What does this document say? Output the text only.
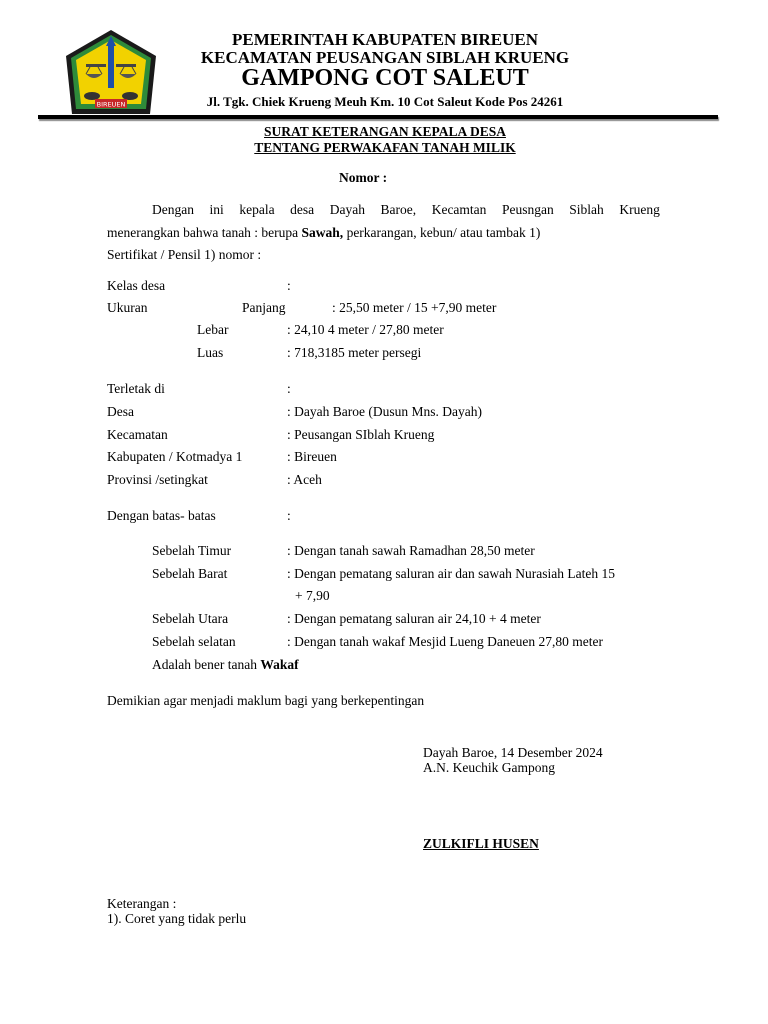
BIREUEN
PEMERINTAH KABUPATEN BIREUEN
KECAMATAN PEUSANGAN SIBLAH KRUENG
GAMPONG COT SALEUT
Jl. Tgk. Chiek Krueng Meuh Km. 10 Cot Saleut Kode Pos 24261
SURAT KETERANGAN KEPALA DESA
TENTANG PERWAKAFAN TANAH MILIK
Nomor :
Dengan ini kepala desa Dayah Baroe, Kecamtan Peusngan Siblah Krueng
menerangkan bahwa tanah : berupa Sawah, perkarangan, kebun/ atau tambak 1)
Sertifikat / Pensil 1) nomor :
Kelas desa	:
Ukuran	Panjang	: 25,50 meter / 15 +7,90 meter
Lebar	: 24,10 4 meter / 27,80 meter
Luas	: 718,3185 meter persegi
Terletak di	:
Desa	: Dayah Baroe (Dusun Mns. Dayah)
Kecamatan	: Peusangan SIblah Krueng
Kabupaten / Kotmadya 1	: Bireuen
Provinsi /setingkat	: Aceh
Dengan batas- batas	:
Sebelah Timur	: Dengan tanah sawah Ramadhan 28,50 meter
Sebelah Barat	: Dengan pematang saluran air dan sawah Nurasiah Lateh 15
+ 7,90
Sebelah Utara	: Dengan pematang saluran air 24,10 + 4 meter
Sebelah selatan	: Dengan tanah wakaf Mesjid Lueng Daneuen 27,80 meter
Adalah bener tanah Wakaf
Demikian agar menjadi maklum bagi yang berkepentingan
Dayah Baroe, 14 Desember 2024
A.N. Keuchik Gampong
ZULKIFLI HUSEN
Keterangan :
1). Coret yang tidak perlu
